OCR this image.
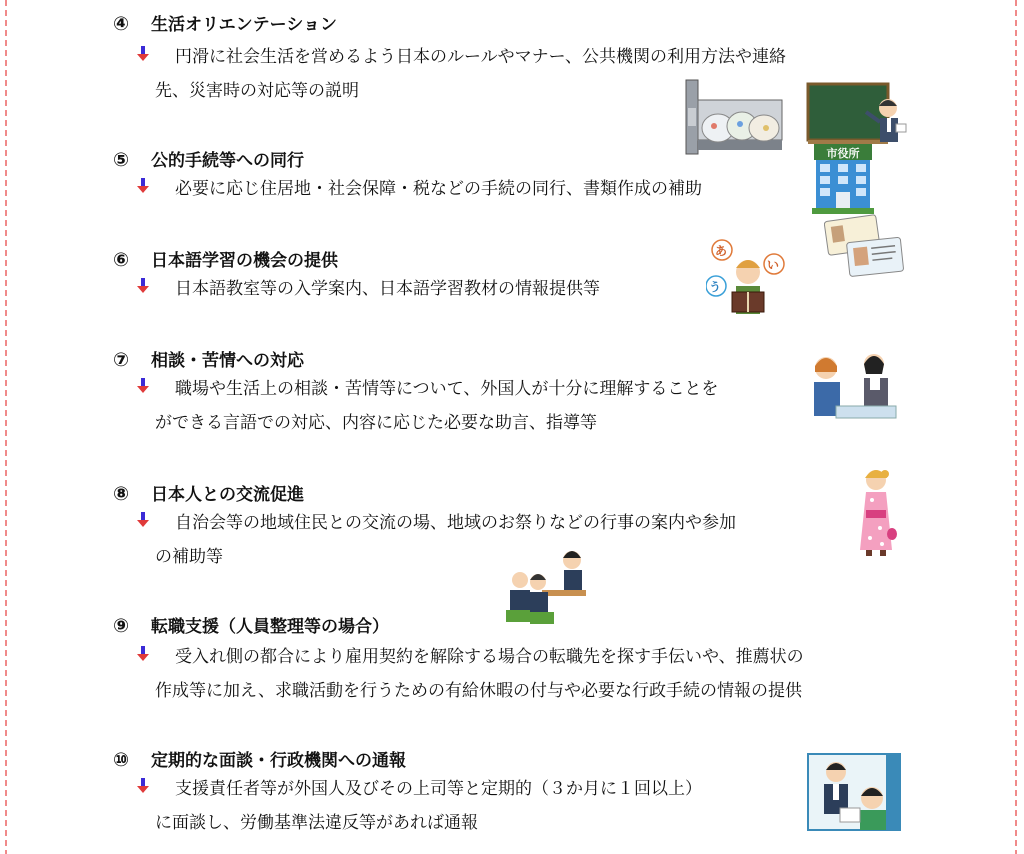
④ 生活オリエンテーション
円滑に社会生活を営めるよう日本のルールやマナー、公共機関の利用方法や連絡
先、災害時の対応等の説明
⑤ 公的手続等への同行
必要に応じ住居地・社会保障・税などの手続の同行、書類作成の補助
⑥ 日本語学習の機会の提供
日本語教室等の入学案内、日本語学習教材の情報提供等
⑦ 相談・苦情への対応
職場や生活上の相談・苦情等について、外国人が十分に理解することを
ができる言語での対応、内容に応じた必要な助言、指導等
⑧ 日本人との交流促進
自治会等の地域住民との交流の場、地域のお祭りなどの行事の案内や参加
の補助等
⑨ 転職支援（人員整理等の場合）
受入れ側の都合により雇用契約を解除する場合の転職先を探す手伝いや、推薦状の
作成等に加え、求職活動を行うための有給休暇の付与や必要な行政手続の情報の提供
⑩ 定期的な面談・行政機関への通報
支援責任者等が外国人及びその上司等と定期的（３か月に１回以上）
に面談し、労働基準法違反等があれば通報
市役所
あ
い
う
